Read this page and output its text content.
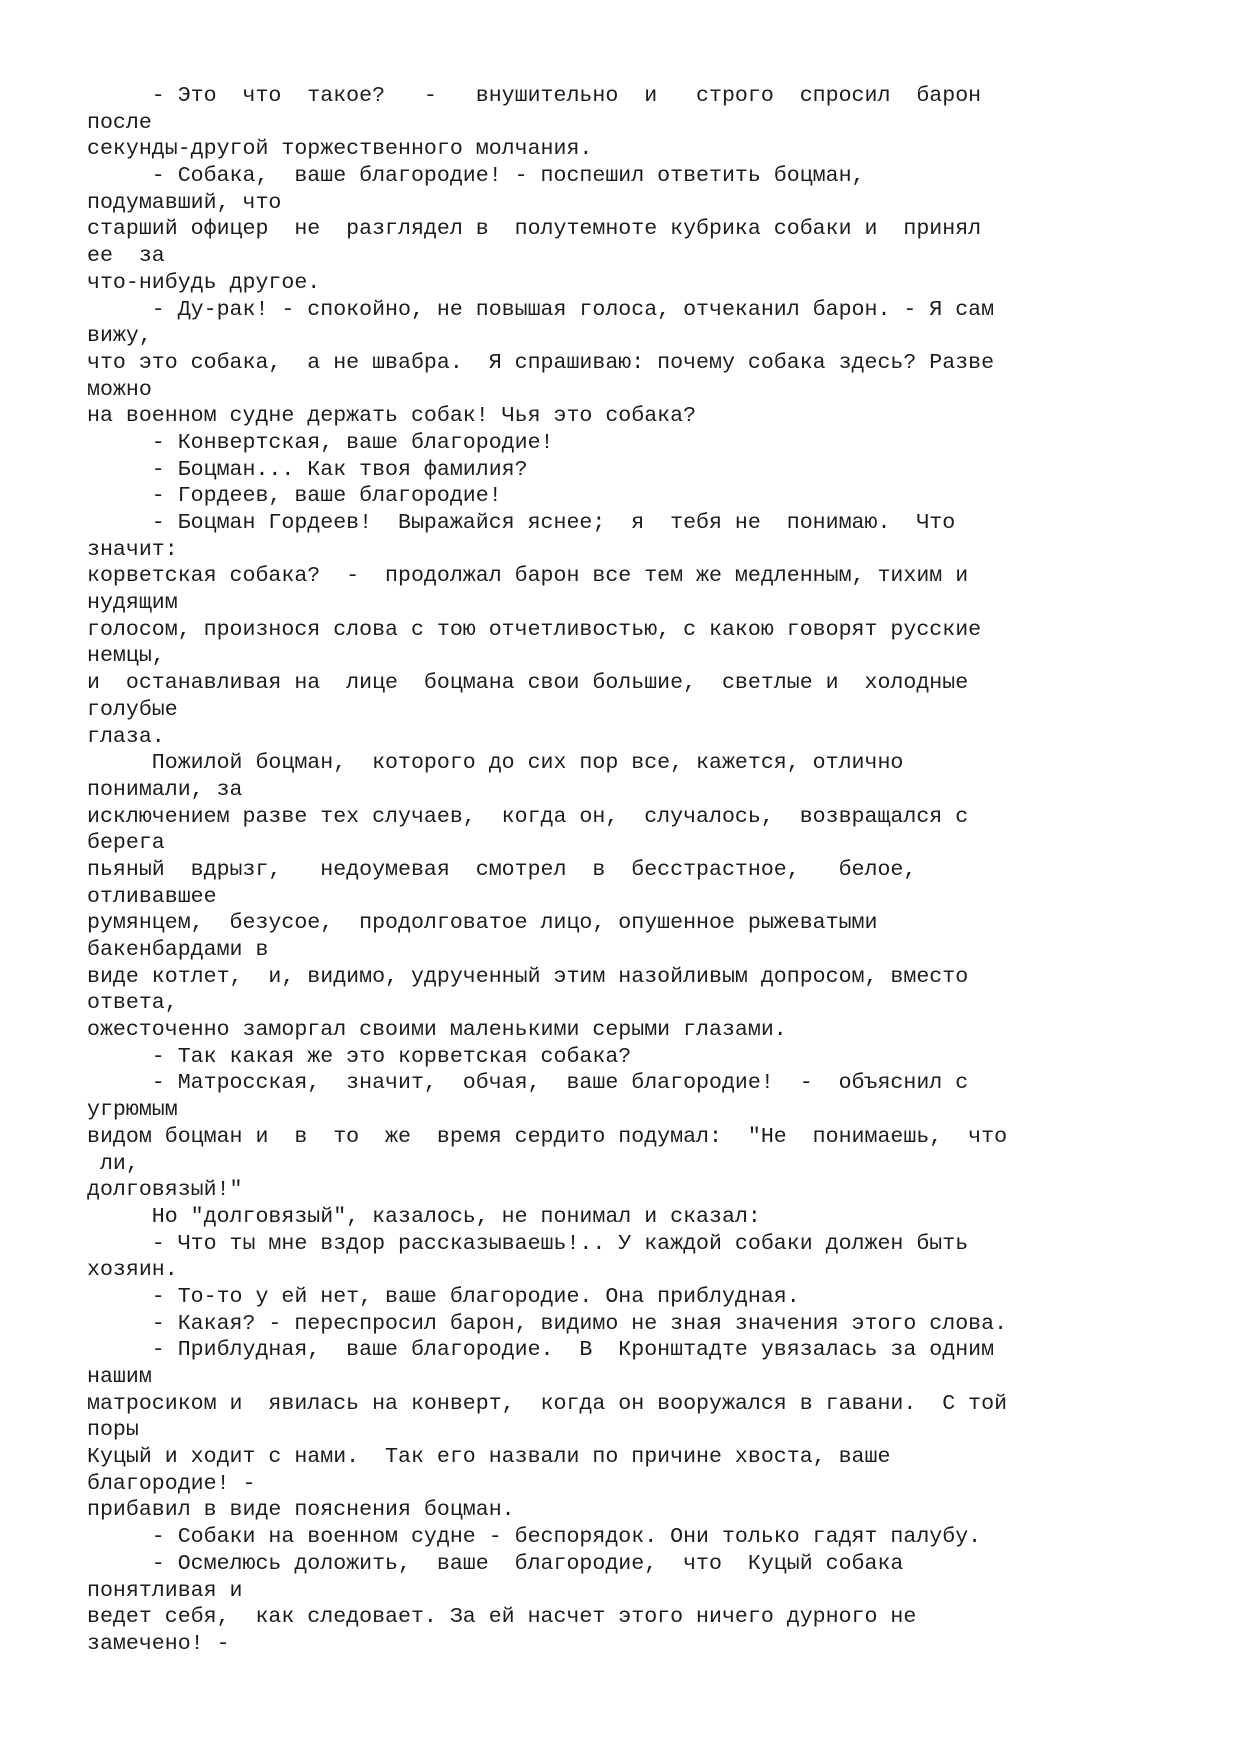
- Это  что  такое?   -   внушительно  и   строго  спросил  барон
после
секунды-другой торжественного молчания.
- Собака,  ваше благородие! - поспешил ответить боцман,
подумавший, что
старший офицер  не  разглядел в  полутемноте кубрика собаки и  принял
ее  за
что-нибудь другое.
- Ду-рак! - спокойно, не повышая голоса, отчеканил барон. - Я сам
вижу,
что это собака,  а не швабра.  Я спрашиваю: почему собака здесь? Разве
можно
на военном судне держать собак! Чья это собака?
- Конвертская, ваше благородие!
- Боцман... Как твоя фамилия?
- Гордеев, ваше благородие!
- Боцман Гордеев!  Выражайся яснее;  я  тебя не  понимаю.  Что
значит:
корветская собака?  -  продолжал барон все тем же медленным, тихим и
нудящим
голосом, произнося слова с тою отчетливостью, с какою говорят русские
немцы,
и  останавливая на  лице  боцмана свои большие,  светлые и  холодные
голубые
глаза.
Пожилой боцман,  которого до сих пор все, кажется, отлично
понимали, за
исключением разве тех случаев,  когда он,  случалось,  возвращался с
берега
пьяный  вдрызг,   недоумевая  смотрел  в  бесстрастное,   белое,
отливавшее
румянцем,  безусое,  продолговатое лицо, опушенное рыжеватыми
бакенбардами в
виде котлет,  и, видимо, удрученный этим назойливым допросом, вместо
ответа,
ожесточенно заморгал своими маленькими серыми глазами.
- Так какая же это корветская собака?
- Матросская,  значит,  обчая,  ваше благородие!  -  объяснил с
угрюмым
видом боцман и  в  то  же  время сердито подумал:  "Не  понимаешь,  что
ли,
долговязый!"
Но "долговязый", казалось, не понимал и сказал:
- Что ты мне вздор рассказываешь!.. У каждой собаки должен быть
хозяин.
- То-то у ей нет, ваше благородие. Она приблудная.
- Какая? - переспросил барон, видимо не зная значения этого слова.
- Приблудная,  ваше благородие.  В  Кронштадте увязалась за одним
нашим
матросиком и  явилась на конверт,  когда он вооружался в гавани.  С той
поры
Куцый и ходит с нами.  Так его назвали по причине хвоста, ваше
благородие! -
прибавил в виде пояснения боцман.
- Собаки на военном судне - беспорядок. Они только гадят палубу.
- Осмелюсь доложить,  ваше  благородие,  что  Куцый собака
понятливая и
ведет себя,  как следовает. За ей насчет этого ничего дурного не
замечено! -
